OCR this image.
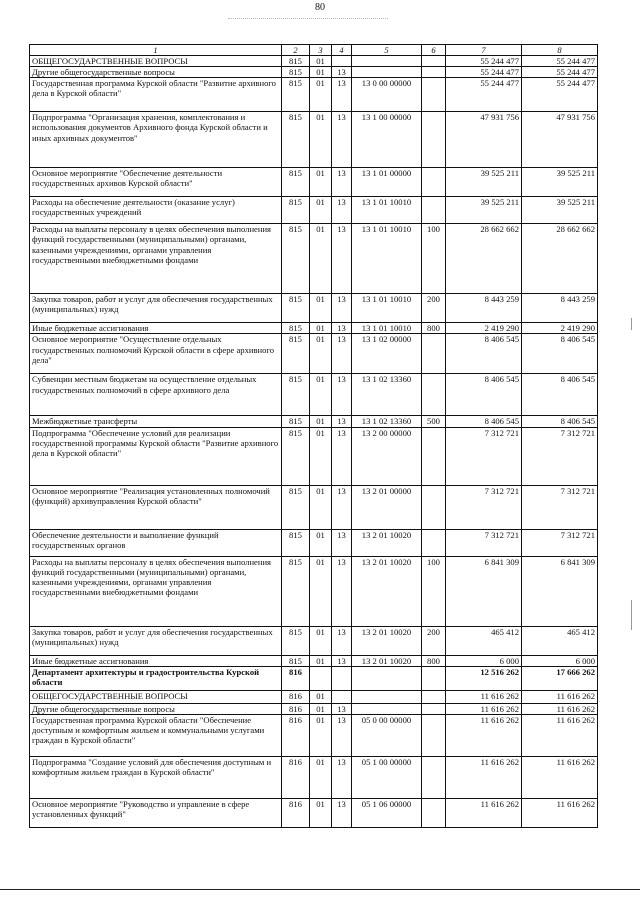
80
1	2	3	4	5	6	7	8
ОБЩЕГОСУДАРСТВЕННЫЕ ВОПРОСЫ	815	01				55 244 477	55 244 477
Другие общегосударственные вопросы	815	01	13			55 244 477	55 244 477
Государственная программа Курской области "Развитие архивного дела в Курской области"	815	01	13	13 0 00 00000		55 244 477	55 244 477
Подпрограмма "Организация хранения, комплектования и использования документов Архивного фонда Курской области и иных архивных документов"	815	01	13	13 1 00 00000		47 931 756	47 931 756
Основное мероприятие "Обеспечение деятельности государственных архивов Курской области"	815	01	13	13 1 01 00000		39 525 211	39 525 211
Расходы на обеспечение деятельности (оказание услуг) государственных учреждений	815	01	13	13 1 01 10010		39 525 211	39 525 211
Расходы на выплаты персоналу в целях обеспечения выполнения функций государственными (муниципальными) органами, казенными учреждениями, органами управления государственными внебюджетными фондами	815	01	13	13 1 01 10010	100	28 662 662	28 662 662
Закупка товаров, работ и услуг для обеспечения государственных (муниципальных) нужд	815	01	13	13 1 01 10010	200	8 443 259	8 443 259
Иные бюджетные ассигнования	815	01	13	13 1 01 10010	800	2 419 290	2 419 290
Основное мероприятие "Осуществление отдельных государственных полномочий Курской области в сфере архивного дела"	815	01	13	13 1 02 00000		8 406 545	8 406 545
Субвенции местным бюджетам на осуществление отдельных государственных полномочий в сфере архивного дела	815	01	13	13 1 02 13360		8 406 545	8 406 545
Межбюджетные трансферты	815	01	13	13 1 02 13360	500	8 406 545	8 406 545
Подпрограмма "Обеспечение условий для реализации государственной программы Курской области "Развитие архивного дела в Курской области"	815	01	13	13 2 00 00000		7 312 721	7 312 721
Основное мероприятие "Реализация установленных полномочий (функций) архивуправления Курской области"	815	01	13	13 2 01 00000		7 312 721	7 312 721
Обеспечение деятельности и выполнение функций государственных органов	815	01	13	13 2 01 10020		7 312 721	7 312 721
Расходы на выплаты персоналу в целях обеспечения выполнения функций государственными (муниципальными) органами, казенными учреждениями, органами управления государственными внебюджетными фондами	815	01	13	13 2 01 10020	100	6 841 309	6 841 309
Закупка товаров, работ и услуг для обеспечения государственных (муниципальных) нужд	815	01	13	13 2 01 10020	200	465 412	465 412
Иные бюджетные ассигнования	815	01	13	13 2 01 10020	800	6 000	6 000
Департамент архитектуры и градостроительства Курской области	816					12 516 262	17 666 262
ОБЩЕГОСУДАРСТВЕННЫЕ ВОПРОСЫ	816	01				11 616 262	11 616 262
Другие общегосударственные вопросы	816	01	13			11 616 262	11 616 262
Государственная программа Курской области "Обеспечение доступным и комфортным жильем и коммунальными услугами граждан в Курской области"	816	01	13	05 0 00 00000		11 616 262	11 616 262
Подпрограмма "Создание условий для обеспечения доступным и комфортным жильем граждан в Курской области"	816	01	13	05 1 00 00000		11 616 262	11 616 262
Основное мероприятие "Руководство и управление в сфере установленных функций"	816	01	13	05 1 06 00000		11 616 262	11 616 262
